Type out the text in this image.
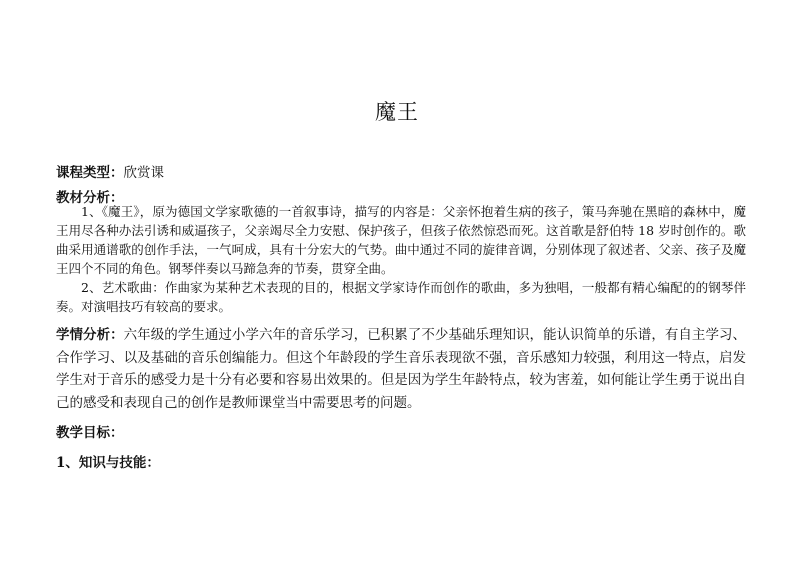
魔王
课程类型：欣赏课
教材分析：

1、《魔王》，原为德国文学家歌德的一首叙事诗，描写的内容是：父亲怀抱着生病的孩子，策马奔驰在黑暗的森林中，魔王用尽各种办法引诱和威逼孩子，父亲竭尽全力安慰、保护孩子，但孩子依然惊恐而死。这首歌是舒伯特 18 岁时创作的。歌曲采用通谱歌的创作手法，一气呵成，具有十分宏大的气势。曲中通过不同的旋律音调，分别体现了叙述者、父亲、孩子及魔王四个不同的角色。钢琴伴奏以马蹄急奔的节奏，贯穿全曲。

2、艺术歌曲：作曲家为某种艺术表现的目的，根据文学家诗作而创作的歌曲，多为独唱，一般都有精心编配的的钢琴伴奏。对演唱技巧有较高的要求。

学情分析：六年级的学生通过小学六年的音乐学习，已积累了不少基础乐理知识，能认识简单的乐谱，有自主学习、合作学习、以及基础的音乐创编能力。但这个年龄段的学生音乐表现欲不强，音乐感知力较强，利用这一特点，启发学生对于音乐的感受力是十分有必要和容易出效果的。但是因为学生年龄特点，较为害羞，如何能让学生勇于说出自己的感受和表现自己的创作是教师课堂当中需要思考的问题。

教学目标：
1、知识与技能：
